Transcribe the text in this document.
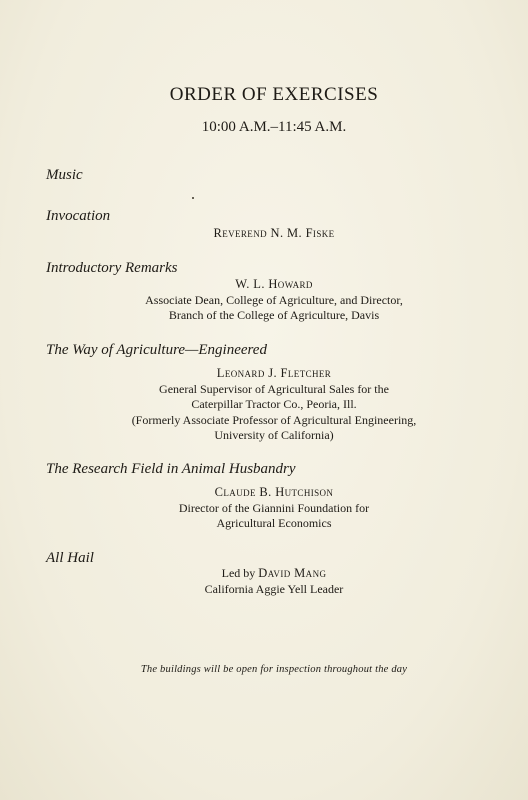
ORDER OF EXERCISES
10:00 A.M.–11:45 A.M.
Music
Invocation
Reverend N. M. Fiske
Introductory Remarks
W. L. Howard
Associate Dean, College of Agriculture, and Director,
Branch of the College of Agriculture, Davis
The Way of Agriculture—Engineered
Leonard J. Fletcher
General Supervisor of Agricultural Sales for the
Caterpillar Tractor Co., Peoria, Ill.
(Formerly Associate Professor of Agricultural Engineering,
University of California)
The Research Field in Animal Husbandry
Claude B. Hutchison
Director of the Giannini Foundation for
Agricultural Economics
All Hail
Led by David Mang
California Aggie Yell Leader
The buildings will be open for inspection throughout the day
